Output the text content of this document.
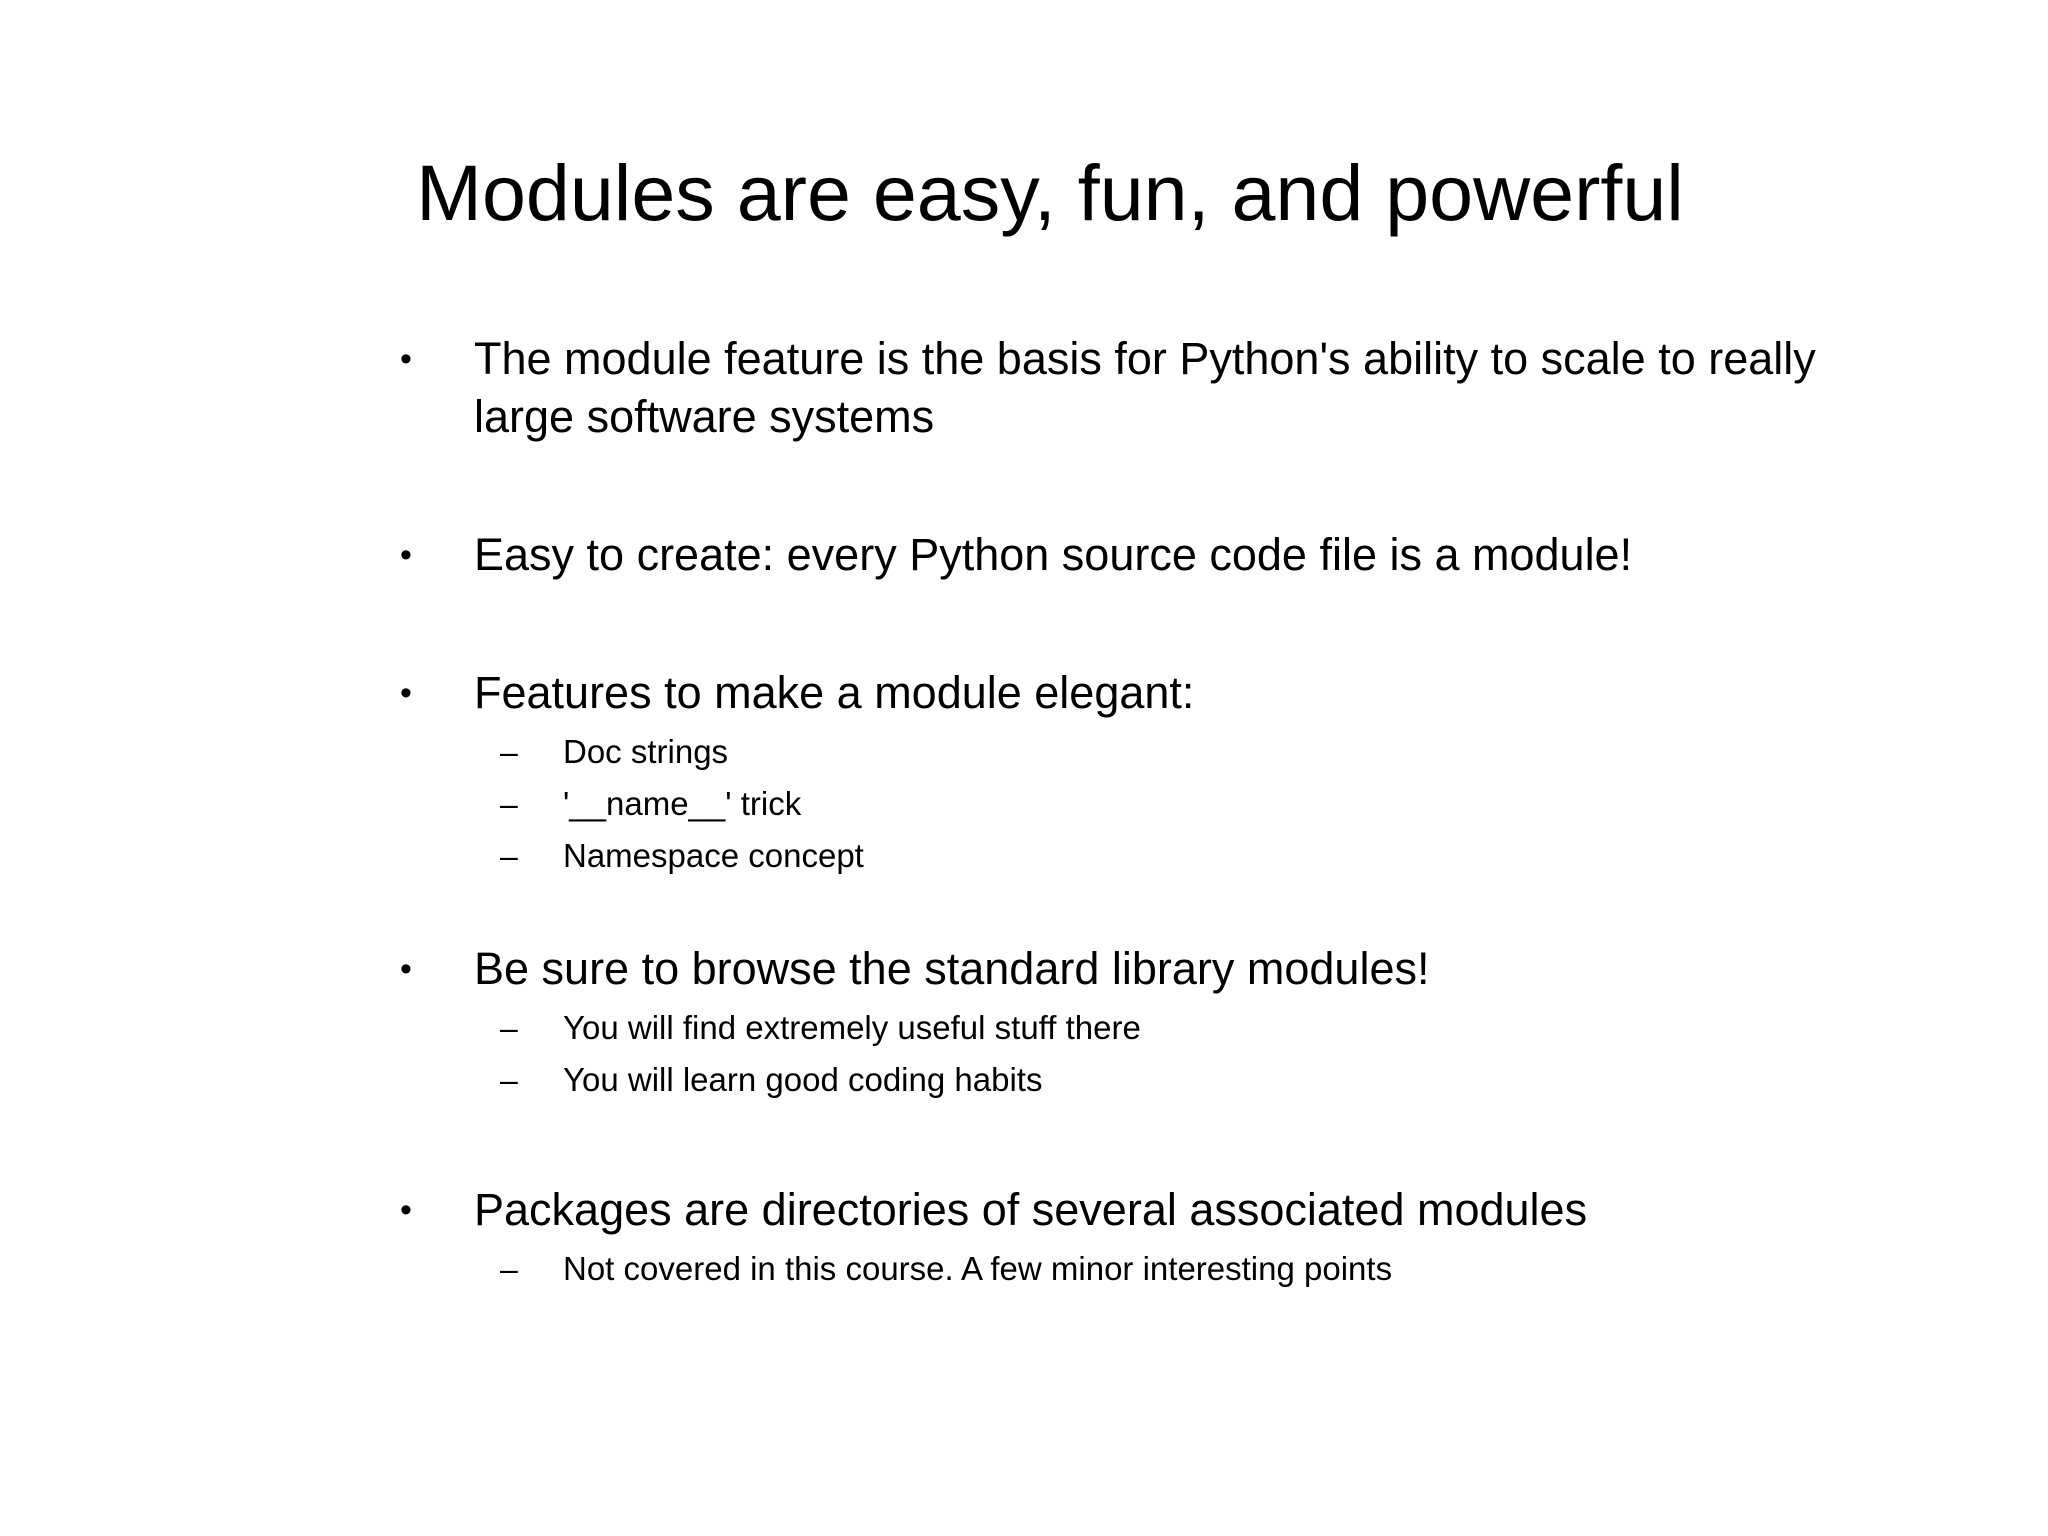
Modules are easy, fun, and powerful
• The module feature is the basis for Python's ability to scale to really large software systems
• Easy to create: every Python source code file is a module!
• Features to make a module elegant:
– Doc strings
– '__name__' trick
– Namespace concept
• Be sure to browse the standard library modules!
– You will find extremely useful stuff there
– You will learn good coding habits
• Packages are directories of several associated modules
– Not covered in this course. A few minor interesting points
